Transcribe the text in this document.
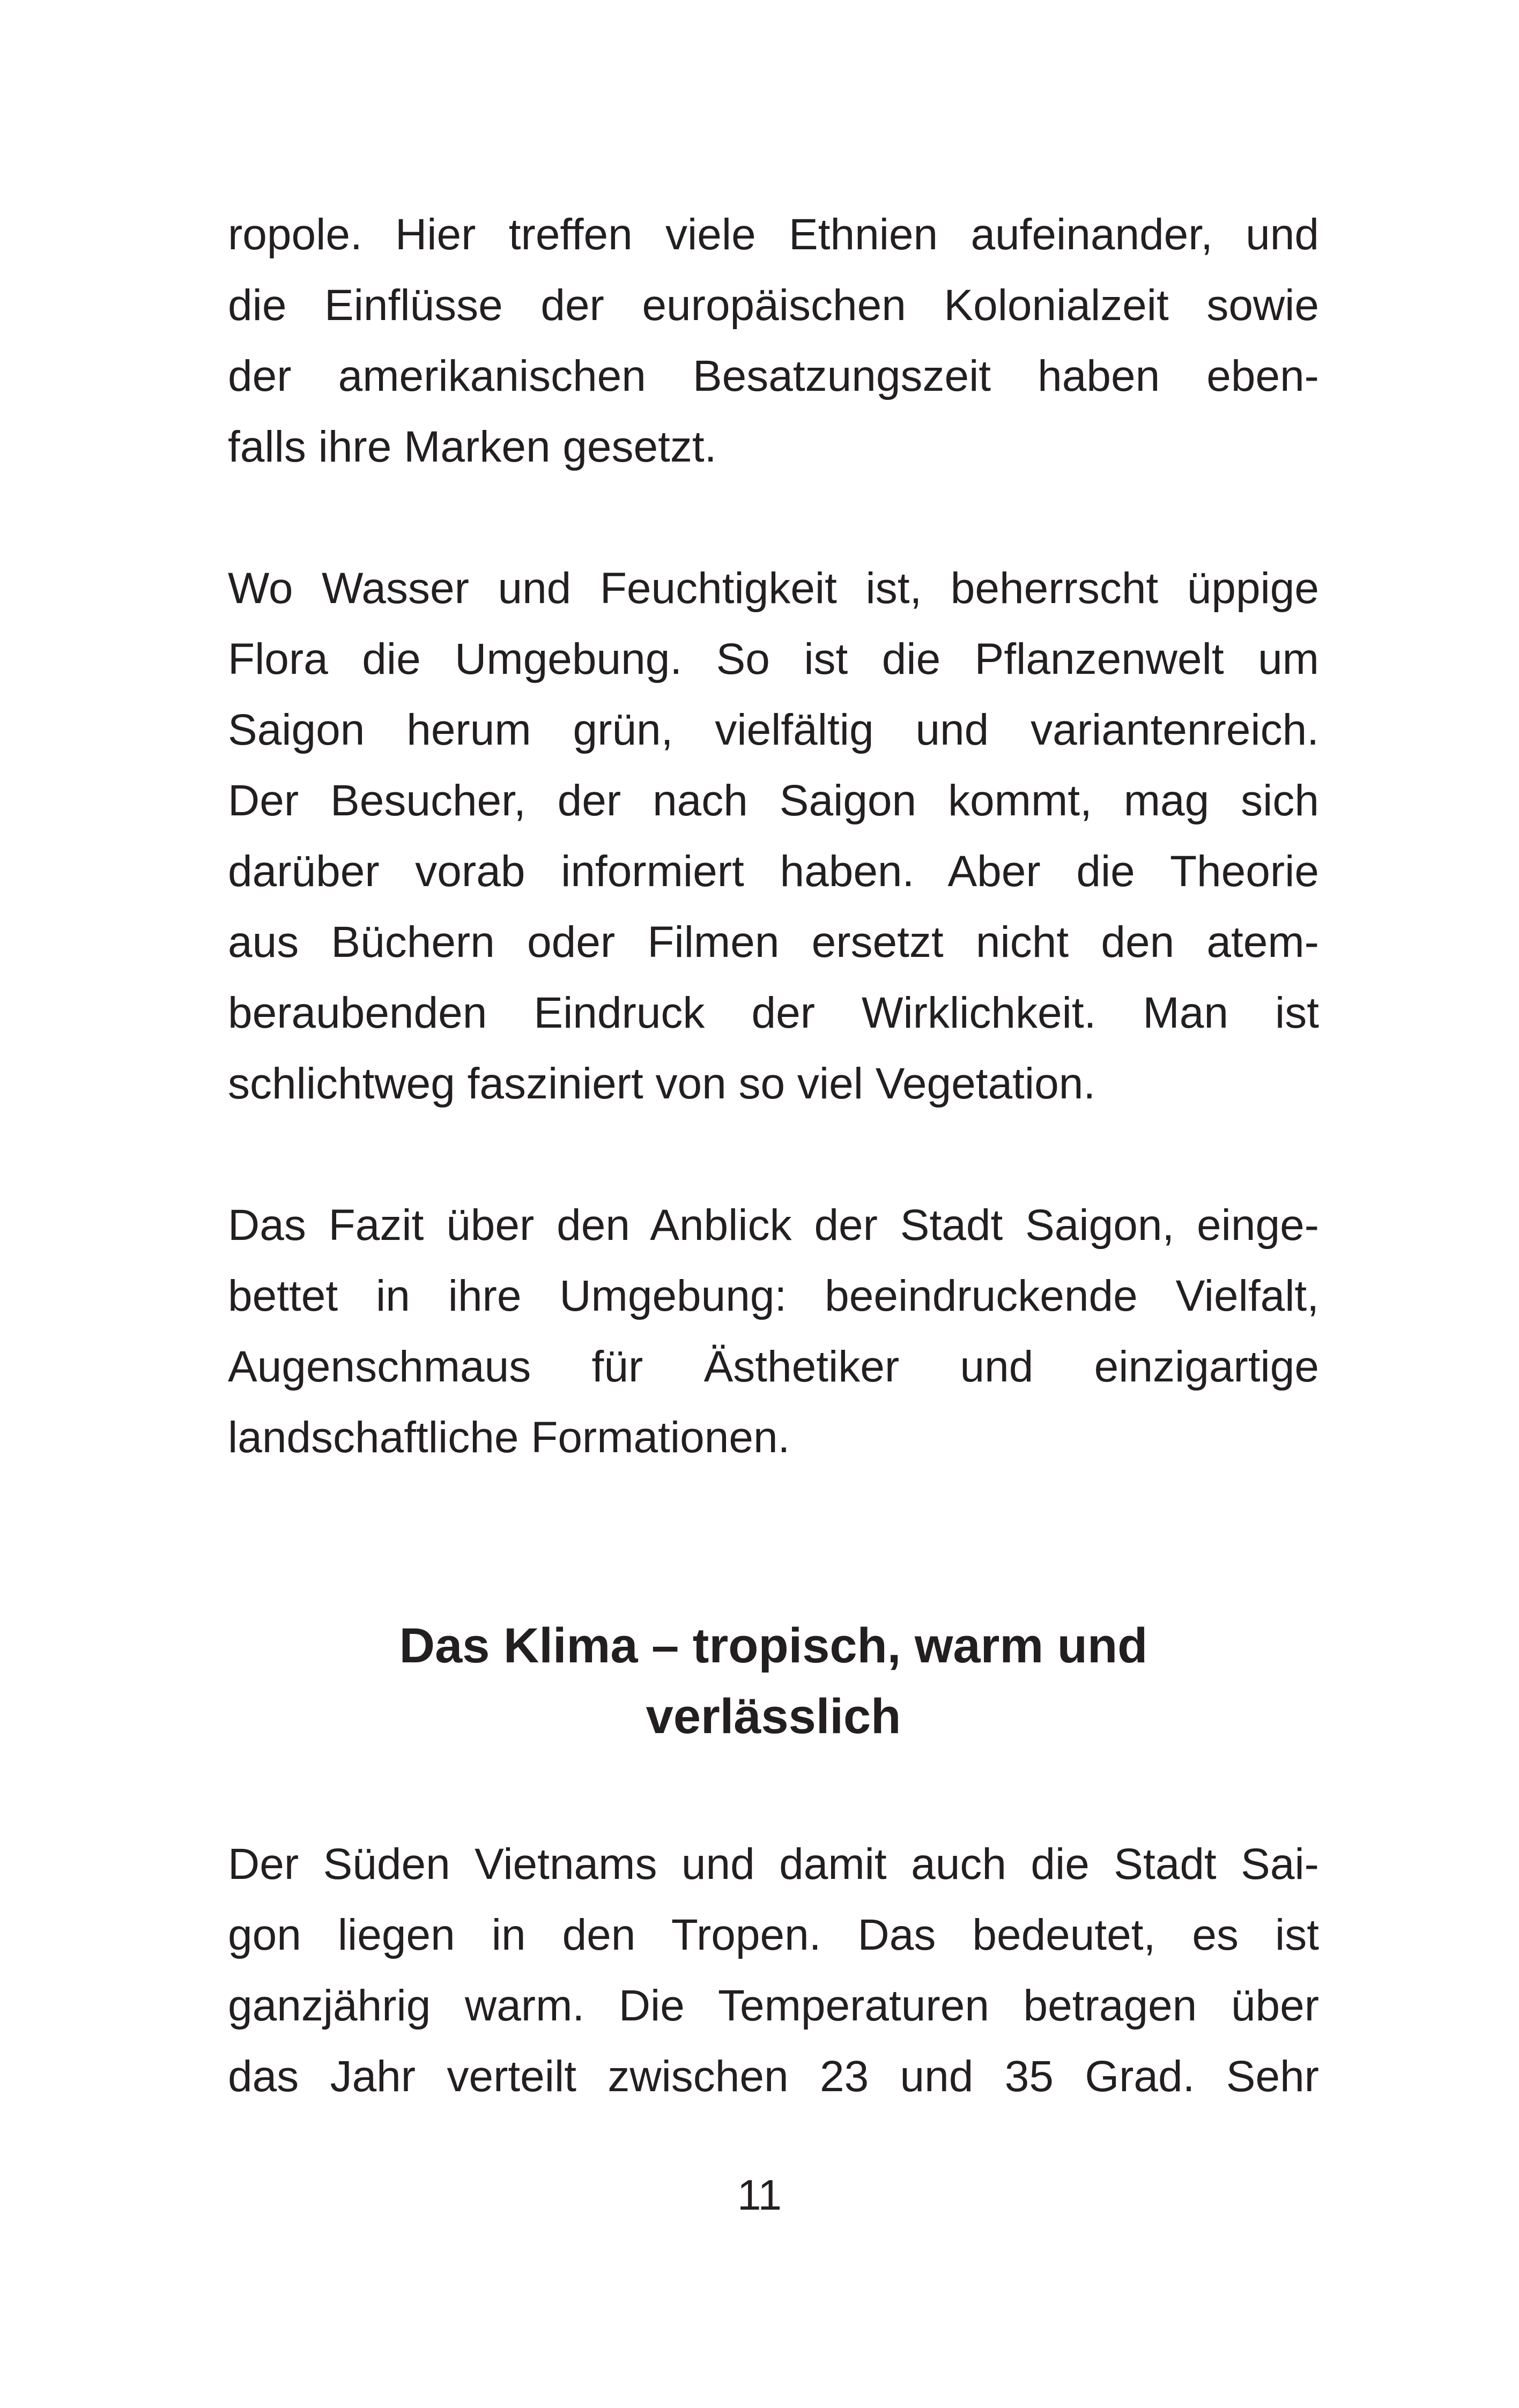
ropole. Hier treffen viele Ethnien aufeinander, und
die Einflüsse der europäischen Kolonialzeit sowie
der amerikanischen Besatzungszeit haben eben-
falls ihre Marken gesetzt.

Wo Wasser und Feuchtigkeit ist, beherrscht üppige
Flora die Umgebung. So ist die Pflanzenwelt um
Saigon herum grün, vielfältig und variantenreich.
Der Besucher, der nach Saigon kommt, mag sich
darüber vorab informiert haben. Aber die Theorie
aus Büchern oder Filmen ersetzt nicht den atem-
beraubenden Eindruck der Wirklichkeit. Man ist
schlichtweg fasziniert von so viel Vegetation.

Das Fazit über den Anblick der Stadt Saigon, einge-
bettet in ihre Umgebung: beeindruckende Vielfalt,
Augenschmaus für Ästhetiker und einzigartige
landschaftliche Formationen.

Das Klima – tropisch, warm und
verlässlich

Der Süden Vietnams und damit auch die Stadt Sai-
gon liegen in den Tropen. Das bedeutet, es ist
ganzjährig warm. Die Temperaturen betragen über
das Jahr verteilt zwischen 23 und 35 Grad. Sehr

11
